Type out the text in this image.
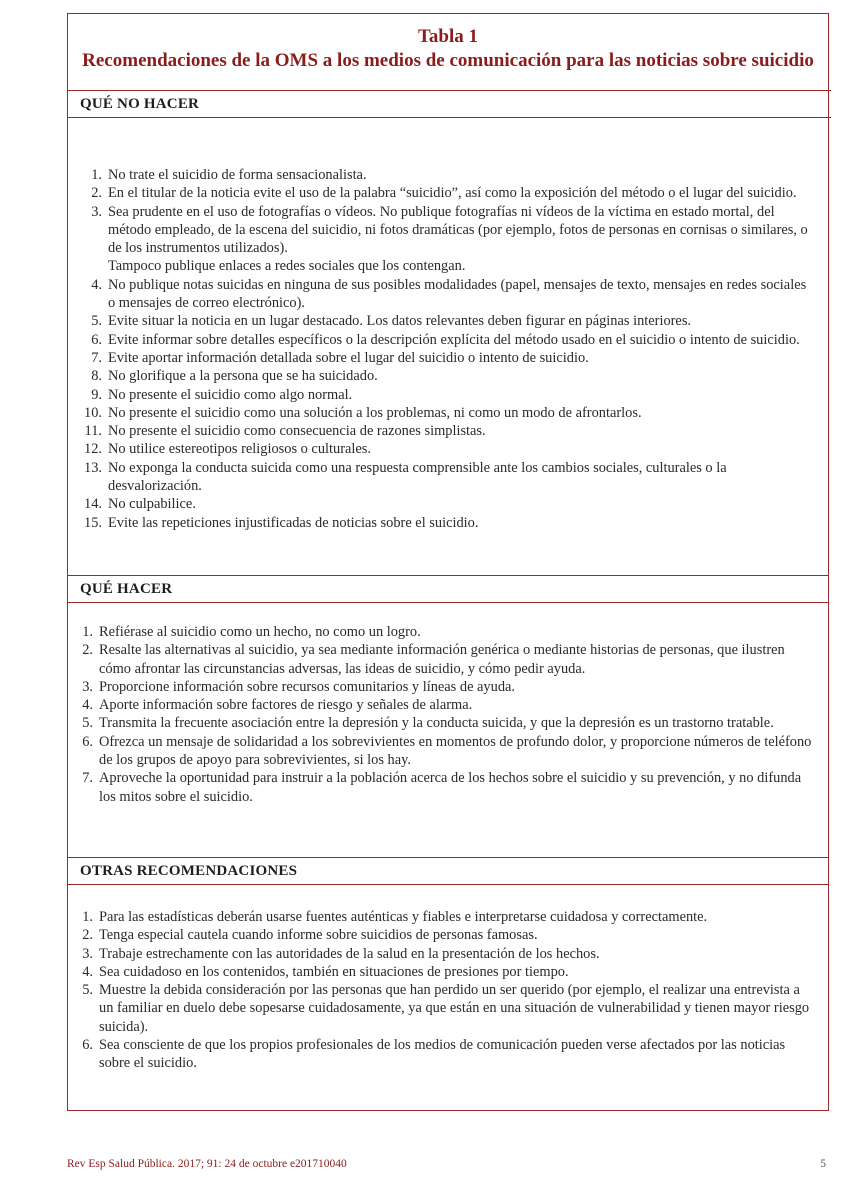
Tabla 1
Recomendaciones de la OMS a los medios de comunicación para las noticias sobre suicidio
QUÉ NO HACER
1. No trate el suicidio de forma sensacionalista.
2. En el titular de la noticia evite el uso de la palabra “suicidio”, así como la exposición del método o el lugar del suicidio.
3. Sea prudente en el uso de fotografías o vídeos. No publique fotografías ni vídeos de la víctima en estado mortal, del método empleado, de la escena del suicidio, ni fotos dramáticas (por ejemplo, fotos de personas en cornisas o similares, o de los instrumentos utilizados).
Tampoco publique enlaces a redes sociales que los contengan.
4. No publique notas suicidas en ninguna de sus posibles modalidades (papel, mensajes de texto, mensajes en redes sociales o mensajes de correo electrónico).
5. Evite situar la noticia en un lugar destacado. Los datos relevantes deben figurar en páginas interiores.
6. Evite informar sobre detalles específicos o la descripción explícita del método usado en el suicidio o intento de suicidio.
7. Evite aportar información detallada sobre el lugar del suicidio o intento de suicidio.
8. No glorifique a la persona que se ha suicidado.
9. No presente el suicidio como algo normal.
10. No presente el suicidio como una solución a los problemas, ni como un modo de afrontarlos.
11. No presente el suicidio como consecuencia de razones simplistas.
12. No utilice estereotipos religiosos o culturales.
13. No exponga la conducta suicida como una respuesta comprensible ante los cambios sociales, culturales o la desvalorización.
14. No culpabilice.
15. Evite las repeticiones injustificadas de noticias sobre el suicidio.
QUÉ HACER
1. Refiérase al suicidio como un hecho, no como un logro.
2. Resalte las alternativas al suicidio, ya sea mediante información genérica o mediante historias de personas, que ilustren cómo afrontar las circunstancias adversas, las ideas de suicidio, y cómo pedir ayuda.
3. Proporcione información sobre recursos comunitarios y líneas de ayuda.
4. Aporte información sobre factores de riesgo y señales de alarma.
5. Transmita la frecuente asociación entre la depresión y la conducta suicida, y que la depresión es un trastorno tratable.
6. Ofrezca un mensaje de solidaridad a los sobrevivientes en momentos de profundo dolor, y proporcione números de teléfono de los grupos de apoyo para sobrevivientes, si los hay.
7. Aproveche la oportunidad para instruir a la población acerca de los hechos sobre el suicidio y su prevención, y no difunda los mitos sobre el suicidio.
OTRAS RECOMENDACIONES
1. Para las estadísticas deberán usarse fuentes auténticas y fiables e interpretarse cuidadosa y correctamente.
2. Tenga especial cautela cuando informe sobre suicidios de personas famosas.
3. Trabaje estrechamente con las autoridades de la salud en la presentación de los hechos.
4. Sea cuidadoso en los contenidos, también en situaciones de presiones por tiempo.
5. Muestre la debida consideración por las personas que han perdido un ser querido (por ejemplo, el realizar una entrevista a un familiar en duelo debe sopesarse cuidadosamente, ya que están en una situación de vulnerabilidad y tienen mayor riesgo suicida).
6. Sea consciente de que los propios profesionales de los medios de comunicación pueden verse afectados por las noticias sobre el suicidio.
Rev Esp Salud Pública. 2017; 91: 24 de octubre e201710040	5
